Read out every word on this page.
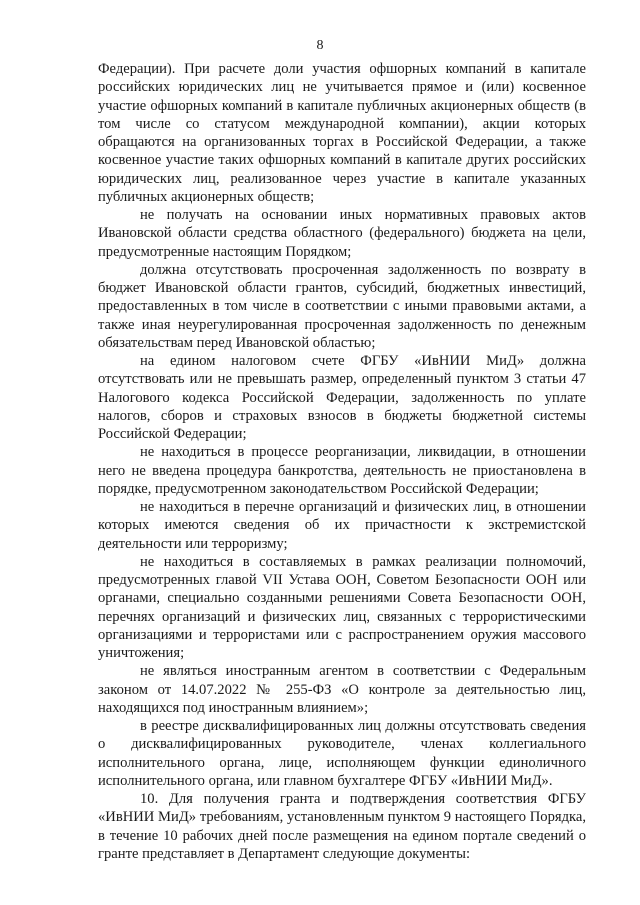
8

Федерации). При расчете доли участия офшорных компаний в капитале российских юридических лиц не учитывается прямое и (или) косвенное участие офшорных компаний в капитале публичных акционерных обществ (в том числе со статусом международной компании), акции которых обращаются на организованных торгах в Российской Федерации, а также косвенное участие таких офшорных компаний в капитале других российских юридических лиц, реализованное через участие в капитале указанных публичных акционерных обществ;

не получать на основании иных нормативных правовых актов Ивановской области средства областного (федерального) бюджета на цели, предусмотренные настоящим Порядком;

должна отсутствовать просроченная задолженность по возврату в бюджет Ивановской области грантов, субсидий, бюджетных инвестиций, предоставленных в том числе в соответствии с иными правовыми актами, а также иная неурегулированная просроченная задолженность по денежным обязательствам перед Ивановской областью;

на едином налоговом счете ФГБУ «ИвНИИ МиД» должна отсутствовать или не превышать размер, определенный пунктом 3 статьи 47 Налогового кодекса Российской Федерации, задолженность по уплате налогов, сборов и страховых взносов в бюджеты бюджетной системы Российской Федерации;

не находиться в процессе реорганизации, ликвидации, в отношении него не введена процедура банкротства, деятельность не приостановлена в порядке, предусмотренном законодательством Российской Федерации;

не находиться в перечне организаций и физических лиц, в отношении которых имеются сведения об их причастности к экстремистской деятельности или терроризму;

не находиться в составляемых в рамках реализации полномочий, предусмотренных главой VII Устава ООН, Советом Безопасности ООН или органами, специально созданными решениями Совета Безопасности ООН, перечнях организаций и физических лиц, связанных с террористическими организациями и террористами или с распространением оружия массового уничтожения;

не являться иностранным агентом в соответствии с Федеральным законом от 14.07.2022 № 255-ФЗ «О контроле за деятельностью лиц, находящихся под иностранным влиянием»;

в реестре дисквалифицированных лиц должны отсутствовать сведения о дисквалифицированных руководителе, членах коллегиального исполнительного органа, лице, исполняющем функции единоличного исполнительного органа, или главном бухгалтере ФГБУ «ИвНИИ МиД».

10. Для получения гранта и подтверждения соответствия ФГБУ «ИвНИИ МиД» требованиям, установленным пунктом 9 настоящего Порядка, в течение 10 рабочих дней после размещения на едином портале сведений о гранте представляет в Департамент следующие документы:
